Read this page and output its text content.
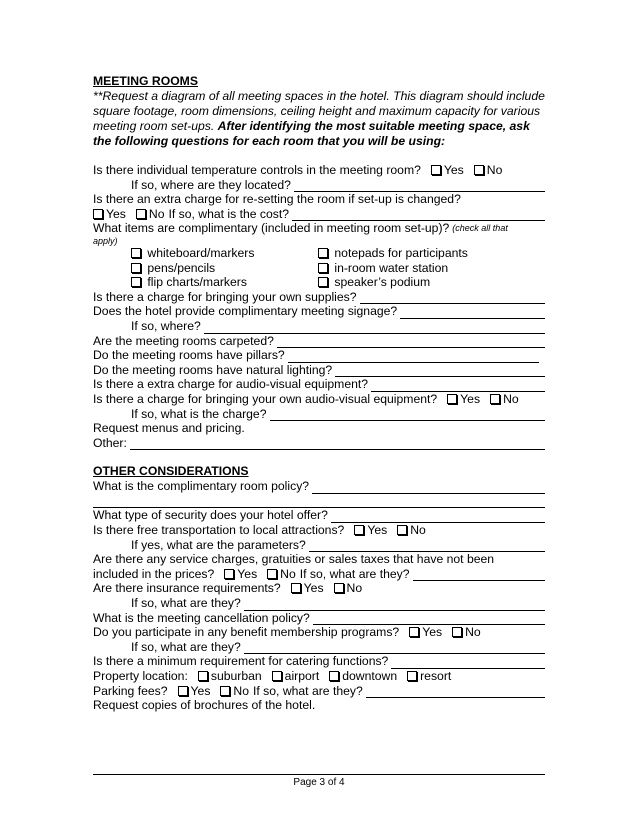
MEETING ROOMS
**Request a diagram of all meeting spaces in the hotel. This diagram should include square footage, room dimensions, ceiling height and maximum capacity for various meeting room set-ups. After identifying the most suitable meeting space, ask the following questions for each room that you will be using:
Is there individual temperature controls in the meeting room?	Yes	No
If so, where are they located?
Is there an extra charge for re-setting the room if set-up is changed?
Yes	No If so, what is the cost?
What items are complimentary (included in meeting room set-up)? (check all that
apply)
whiteboard/markers	notepads for participants
pens/pencils	in-room water station
flip charts/markers	speaker’s podium
Is there a charge for bringing your own supplies?
Does the hotel provide complimentary meeting signage?
If so, where?
Are the meeting rooms carpeted?
Do the meeting rooms have pillars?
Do the meeting rooms have natural lighting?
Is there a extra charge for audio-visual equipment?
Is there a charge for bringing your own audio-visual equipment?	Yes	No
If so, what is the charge?
Request menus and pricing.
Other:
OTHER CONSIDERATIONS
What is the complimentary room policy?
What type of security does your hotel offer?
Is there free transportation to local attractions?	Yes	No
If yes, what are the parameters?
Are there any service charges, gratuities or sales taxes that have not been
included in the prices?	Yes	No If so, what are they?
Are there insurance requirements?	Yes	No
If so, what are they?
What is the meeting cancellation policy?
Do you participate in any benefit membership programs?	Yes	No
If so, what are they?
Is there a minimum requirement for catering functions?
Property location:	suburban	airport	downtown	resort
Parking fees?	Yes	No If so, what are they?
Request copies of brochures of the hotel.
Page 3 of 4
